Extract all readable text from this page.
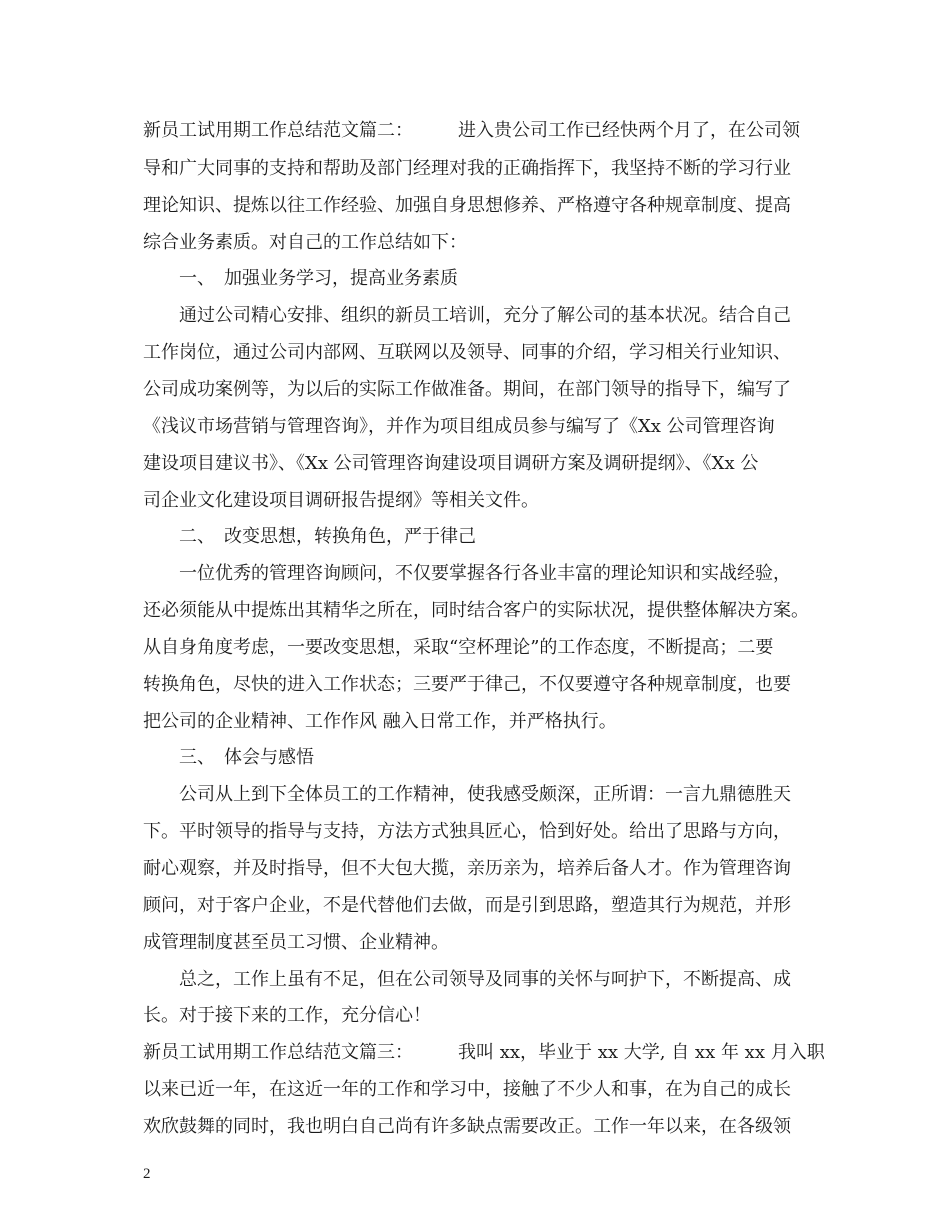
新员工试用期工作总结范文篇二：　　　进入贵公司工作已经快两个月了，在公司领
导和广大同事的支持和帮助及部门经理对我的正确指挥下，我坚持不断的学习行业
理论知识、提炼以往工作经验、加强自身思想修养、严格遵守各种规章制度、提高
综合业务素质。对自己的工作总结如下：
　　一、　加强业务学习，提高业务素质
　　通过公司精心安排、组织的新员工培训，充分了解公司的基本状况。结合自己
工作岗位，通过公司内部网、互联网以及领导、同事的介绍，学习相关行业知识、
公司成功案例等，为以后的实际工作做准备。期间，在部门领导的指导下，编写了
《浅议市场营销与管理咨询》，并作为项目组成员参与编写了《Xx 公司管理咨询
建设项目建议书》、《Xx 公司管理咨询建设项目调研方案及调研提纲》、《Xx 公
司企业文化建设项目调研报告提纲》等相关文件。
　　二、　改变思想，转换角色，严于律己
　　一位优秀的管理咨询顾问，不仅要掌握各行各业丰富的理论知识和实战经验，
还必须能从中提炼出其精华之所在，同时结合客户的实际状况，提供整体解决方案。
从自身角度考虑，一要改变思想，采取“空杯理论”的工作态度，不断提高；二要
转换角色，尽快的进入工作状态；三要严于律己，不仅要遵守各种规章制度，也要
把公司的企业精神、工作作风 融入日常工作，并严格执行。
　　三、　体会与感悟
　　公司从上到下全体员工的工作精神，使我感受颇深，正所谓：一言九鼎德胜天
下。平时领导的指导与支持，方法方式独具匠心，恰到好处。给出了思路与方向，
耐心观察，并及时指导，但不大包大揽，亲历亲为，培养后备人才。作为管理咨询
顾问，对于客户企业，不是代替他们去做，而是引到思路，塑造其行为规范，并形
成管理制度甚至员工习惯、企业精神。
　　总之，工作上虽有不足，但在公司领导及同事的关怀与呵护下，不断提高、成
长。对于接下来的工作，充分信心！
新员工试用期工作总结范文篇三：　　　我叫 xx，毕业于 xx 大学, 自 xx 年 xx 月入职
以来已近一年，在这近一年的工作和学习中，接触了不少人和事，在为自己的成长
欢欣鼓舞的同时，我也明白自己尚有许多缺点需要改正。工作一年以来，在各级领
2
